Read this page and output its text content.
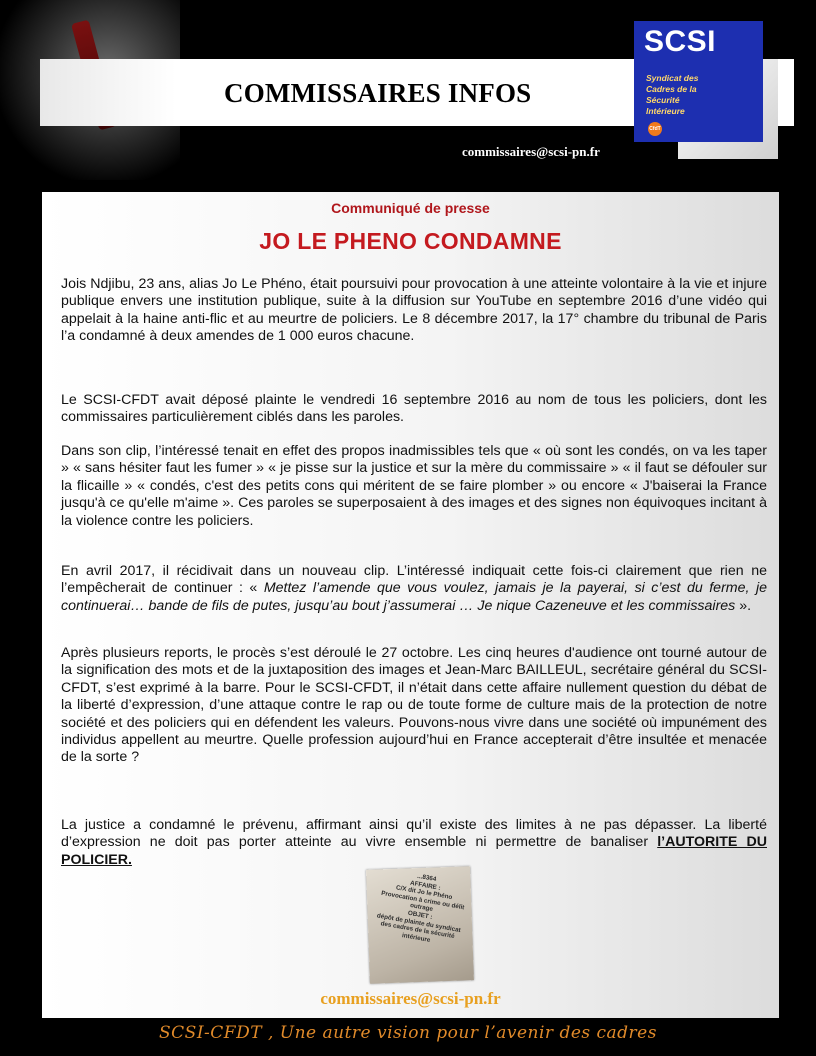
COMMISSAIRES INFOS
SCSI
Syndicat des
Cadres de la
Sécurité
Intérieure
CfdT

commissaires@scsi-pn.fr

Communiqué de presse

JO LE PHENO CONDAMNE

Jois Ndjibu, 23 ans, alias Jo Le Phéno, était poursuivi pour provocation à une atteinte volontaire à la vie et injure publique envers une institution publique, suite à la diffusion sur YouTube en septembre 2016 d’une vidéo qui appelait à la haine anti-flic et au meurtre de policiers. Le 8 décembre 2017, la 17° chambre du tribunal de Paris l’a condamné à deux amendes de 1 000 euros chacune.

Le SCSI-CFDT avait déposé plainte le vendredi 16 septembre 2016 au nom de tous les policiers, dont les commissaires particulièrement ciblés dans les paroles.

Dans son clip, l’intéressé tenait en effet des propos inadmissibles tels que « où sont les condés, on va les taper » « sans hésiter faut les fumer » « je pisse sur la justice et sur la mère du commissaire » « il faut se défouler sur la flicaille » « condés, c'est des petits cons qui méritent de se faire plomber » ou encore « J'baiserai la France jusqu'à ce qu'elle m'aime ». Ces paroles se superposaient à des images et des signes non équivoques incitant à la violence contre les policiers.

En avril 2017, il récidivait dans un nouveau clip. L’intéressé indiquait cette fois-ci clairement que rien ne l’empêcherait de continuer : « Mettez l’amende que vous voulez, jamais je la payerai, si c’est du ferme, je continuerai… bande de fils de putes, jusqu’au bout j’assumerai … Je nique Cazeneuve et les commissaires ».

Après plusieurs reports, le procès s’est déroulé le 27 octobre. Les cinq heures d'audience ont tourné autour de la signification des mots et de la juxtaposition des images et Jean-Marc BAILLEUL, secrétaire général du SCSI-CFDT, s’est exprimé à la barre. Pour le SCSI-CFDT, il n’était dans cette affaire nullement question du débat de la liberté d’expression, d’une attaque contre le rap ou de toute forme de culture mais de la protection de notre société et des policiers qui en défendent les valeurs. Pouvons-nous vivre dans une société où impunément des individus appellent au meurtre. Quelle profession aujourd’hui en France accepterait d’être insultée et menacée de la sorte ?

La justice a condamné le prévenu, affirmant ainsi qu’il existe des limites à ne pas dépasser. La liberté d’expression ne doit pas porter atteinte au vivre ensemble ni permettre de banaliser l’AUTORITE DU POLICIER.

...8364
AFFAIRE :
C/X dit Jo le Phéno
Provocation à crime ou délit
outrage
OBJET :
dépôt de plainte du syndicat
des cadres de la sécurité
intérieure

commissaires@scsi-pn.fr

SCSI-CFDT , Une autre vision pour l’avenir des cadres
